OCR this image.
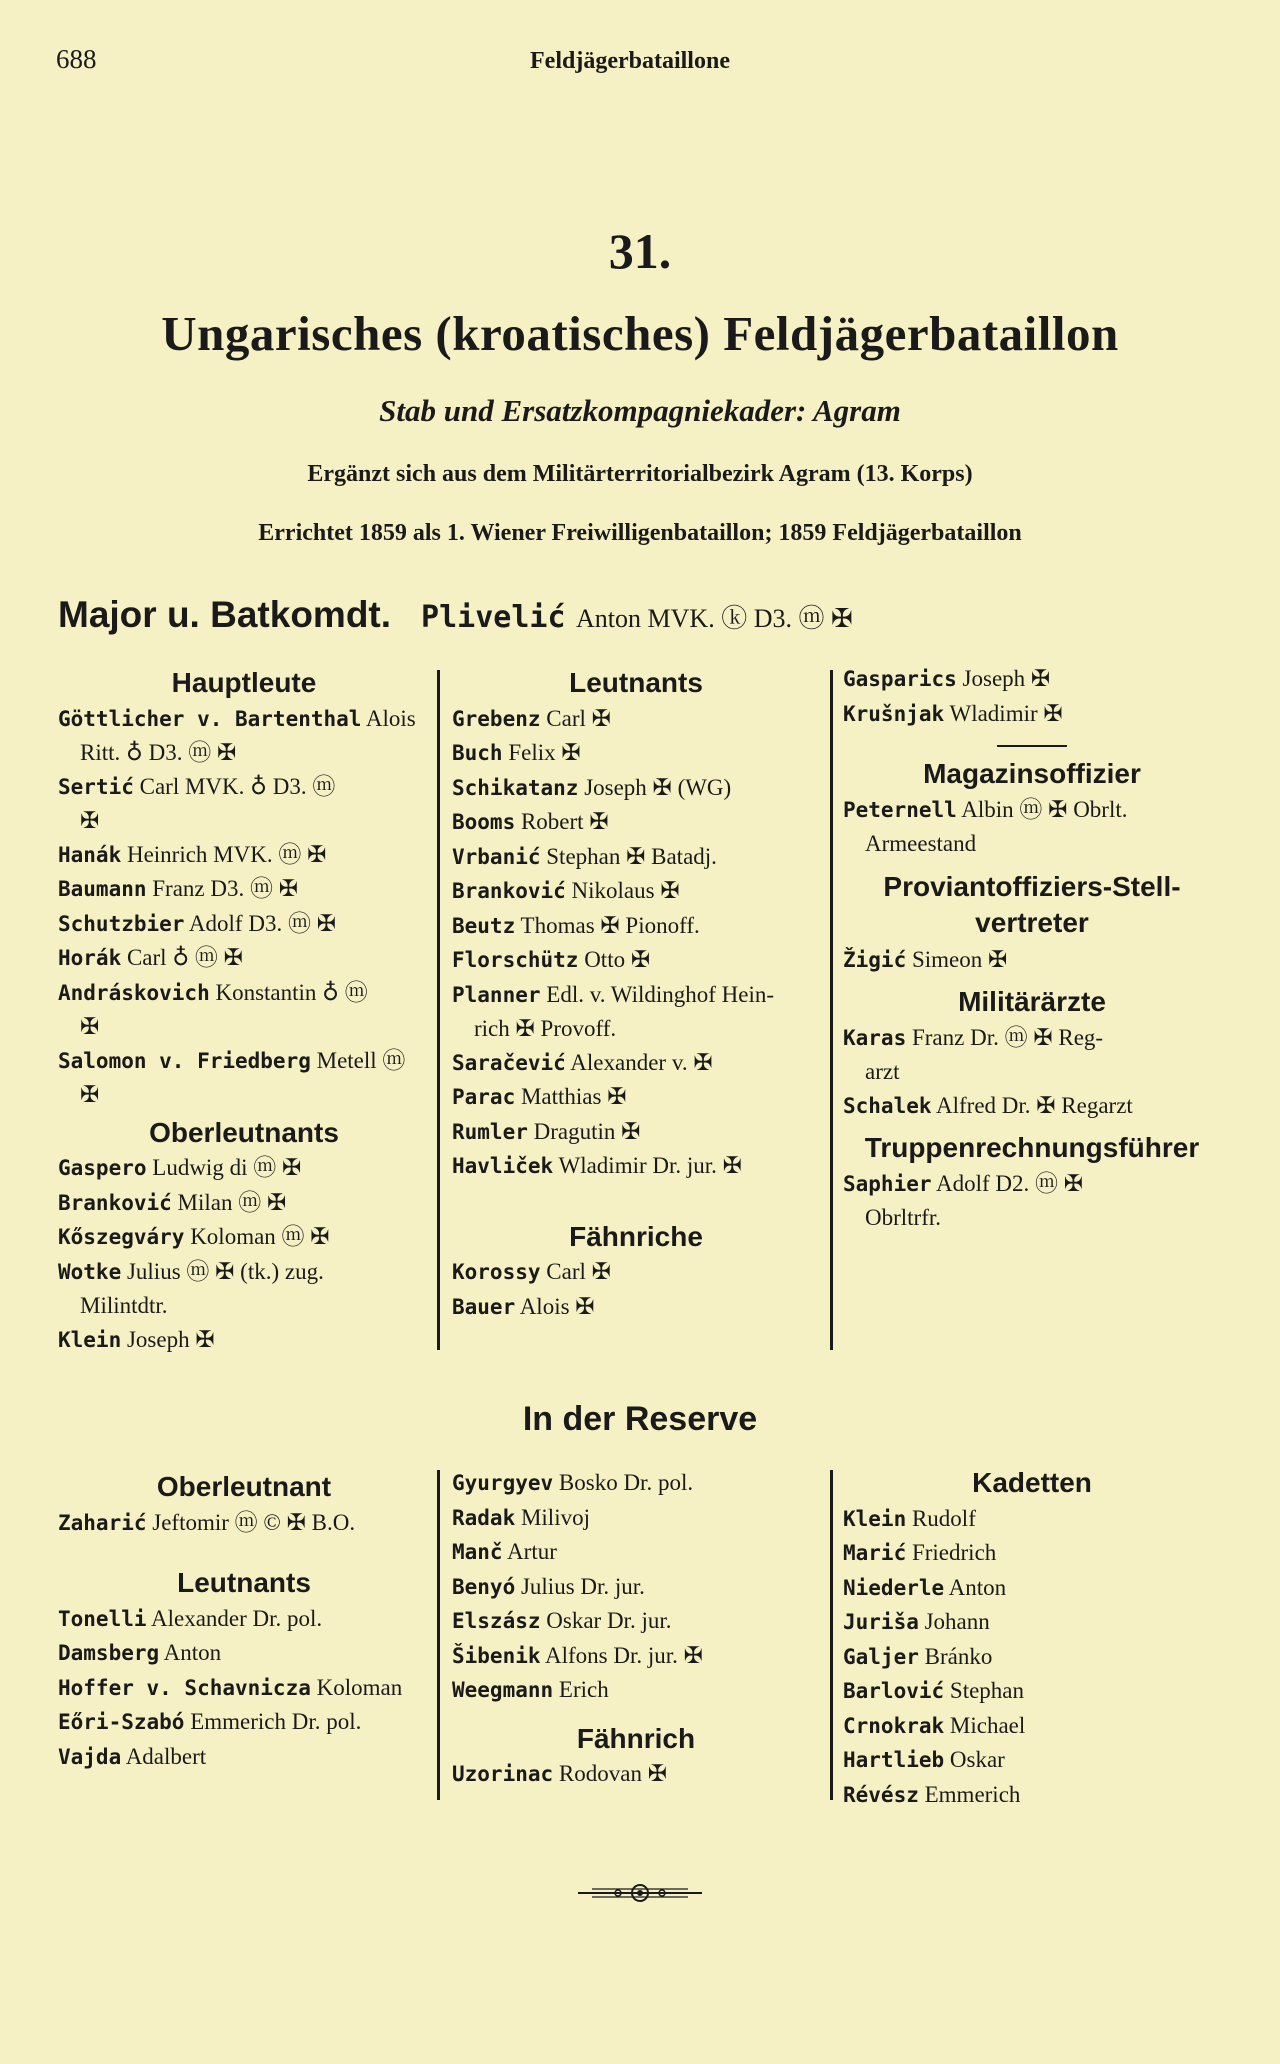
688	Feldjägerbataillone
31.
Ungarisches (kroatisches) Feldjägerbataillon
Stab und Ersatzkompagniekader: Agram
Ergänzt sich aus dem Militärterritorialbezirk Agram (13. Korps)
Errichtet 1859 als 1. Wiener Freiwilligenbataillon; 1859 Feldjägerbataillon
Major u. Batkomdt. Plivelić Anton MVK. ⓚ D3. ⓜ ✠
Hauptleute
Göttlicher v. Bartenthal Alois
Ritt. ♁ D3. ⓜ ✠
Sertić Carl MVK. ♁ D3. ⓜ
✠
Hanák Heinrich MVK. ⓜ ✠
Baumann Franz D3. ⓜ ✠
Schutzbier Adolf D3. ⓜ ✠
Horák Carl ♁ ⓜ ✠
Andráskovich Konstantin ♁ ⓜ
✠
Salomon v. Friedberg Metell ⓜ
✠
Oberleutnants
Gaspero Ludwig di ⓜ ✠
Branković Milan ⓜ ✠
Kőszegváry Koloman ⓜ ✠
Wotke Julius ⓜ ✠ (tk.) zug.
Milintdtr.
Klein Joseph ✠
Leutnants
Grebenz Carl ✠
Buch Felix ✠
Schikatanz Joseph ✠ (WG)
Booms Robert ✠
Vrbanić Stephan ✠ Batadj.
Branković Nikolaus ✠
Beutz Thomas ✠ Pionoff.
Florschütz Otto ✠
Planner Edl. v. Wildinghof Hein-
rich ✠ Provoff.
Saračević Alexander v. ✠
Parac Matthias ✠
Rumler Dragutin ✠
Havliček Wladimir Dr. jur. ✠
Fähnriche
Korossy Carl ✠
Bauer Alois ✠
Gasparics Joseph ✠
Krušnjak Wladimir ✠
Magazinsoffizier
Peternell Albin ⓜ ✠ Obrlt.
Armeestand
Proviantoffiziers-Stell-vertreter
Žigić Simeon ✠
Militärärzte
Karas Franz Dr. ⓜ ✠ Reg-
arzt
Schalek Alfred Dr. ✠ Regarzt
Truppenrechnungsführer
Saphier Adolf D2. ⓜ ✠
Obrltrfr.
In der Reserve
Oberleutnant
Zaharić Jeftomir ⓜ © ✠ B.O.
Leutnants
Tonelli Alexander Dr. pol.
Damsberg Anton
Hoffer v. Schavnicza Koloman
Eőri-Szabó Emmerich Dr. pol.
Vajda Adalbert
Gyurgyev Bosko Dr. pol.
Radak Milivoj
Manč Artur
Benyó Julius Dr. jur.
Elszász Oskar Dr. jur.
Šibenik Alfons Dr. jur. ✠
Weegmann Erich
Fähnrich
Uzorinac Rodovan ✠
Kadetten
Klein Rudolf
Marić Friedrich
Niederle Anton
Juriša Johann
Galjer Bránko
Barlović Stephan
Crnokrak Michael
Hartlieb Oskar
Révész Emmerich
